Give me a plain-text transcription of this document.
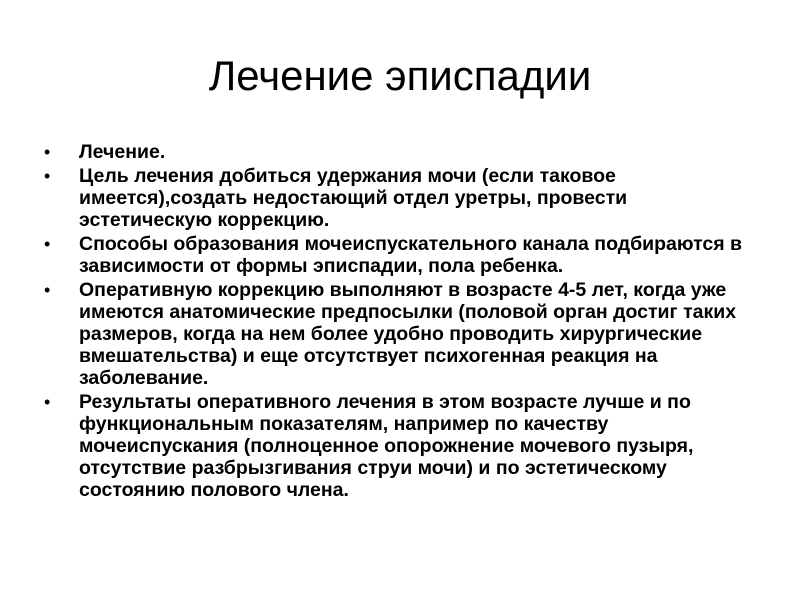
Лечение эписпадии
• Лечение.
• Цель лечения добиться удержания мочи (если таковое имеется),создать недостающий отдел уретры, провести эстетическую коррекцию.
• Способы образования мочеиспускательного канала подбираются в зависимости от формы эписпадии, пола ребенка.
• Оперативную коррекцию выполняют в возрасте 4-5 лет, когда уже имеются анатомические предпосылки (половой орган достиг таких размеров, когда на нем более удобно проводить хирургические вмешательства) и еще отсутствует психогенная реакция на заболевание.
• Результаты оперативного лечения в этом возрасте лучше и по функциональным показателям, например по качеству мочеиспускания (полноценное опорожнение мочевого пузыря, отсутствие разбрызгивания струи мочи) и по эстетическому состоянию полового члена.
